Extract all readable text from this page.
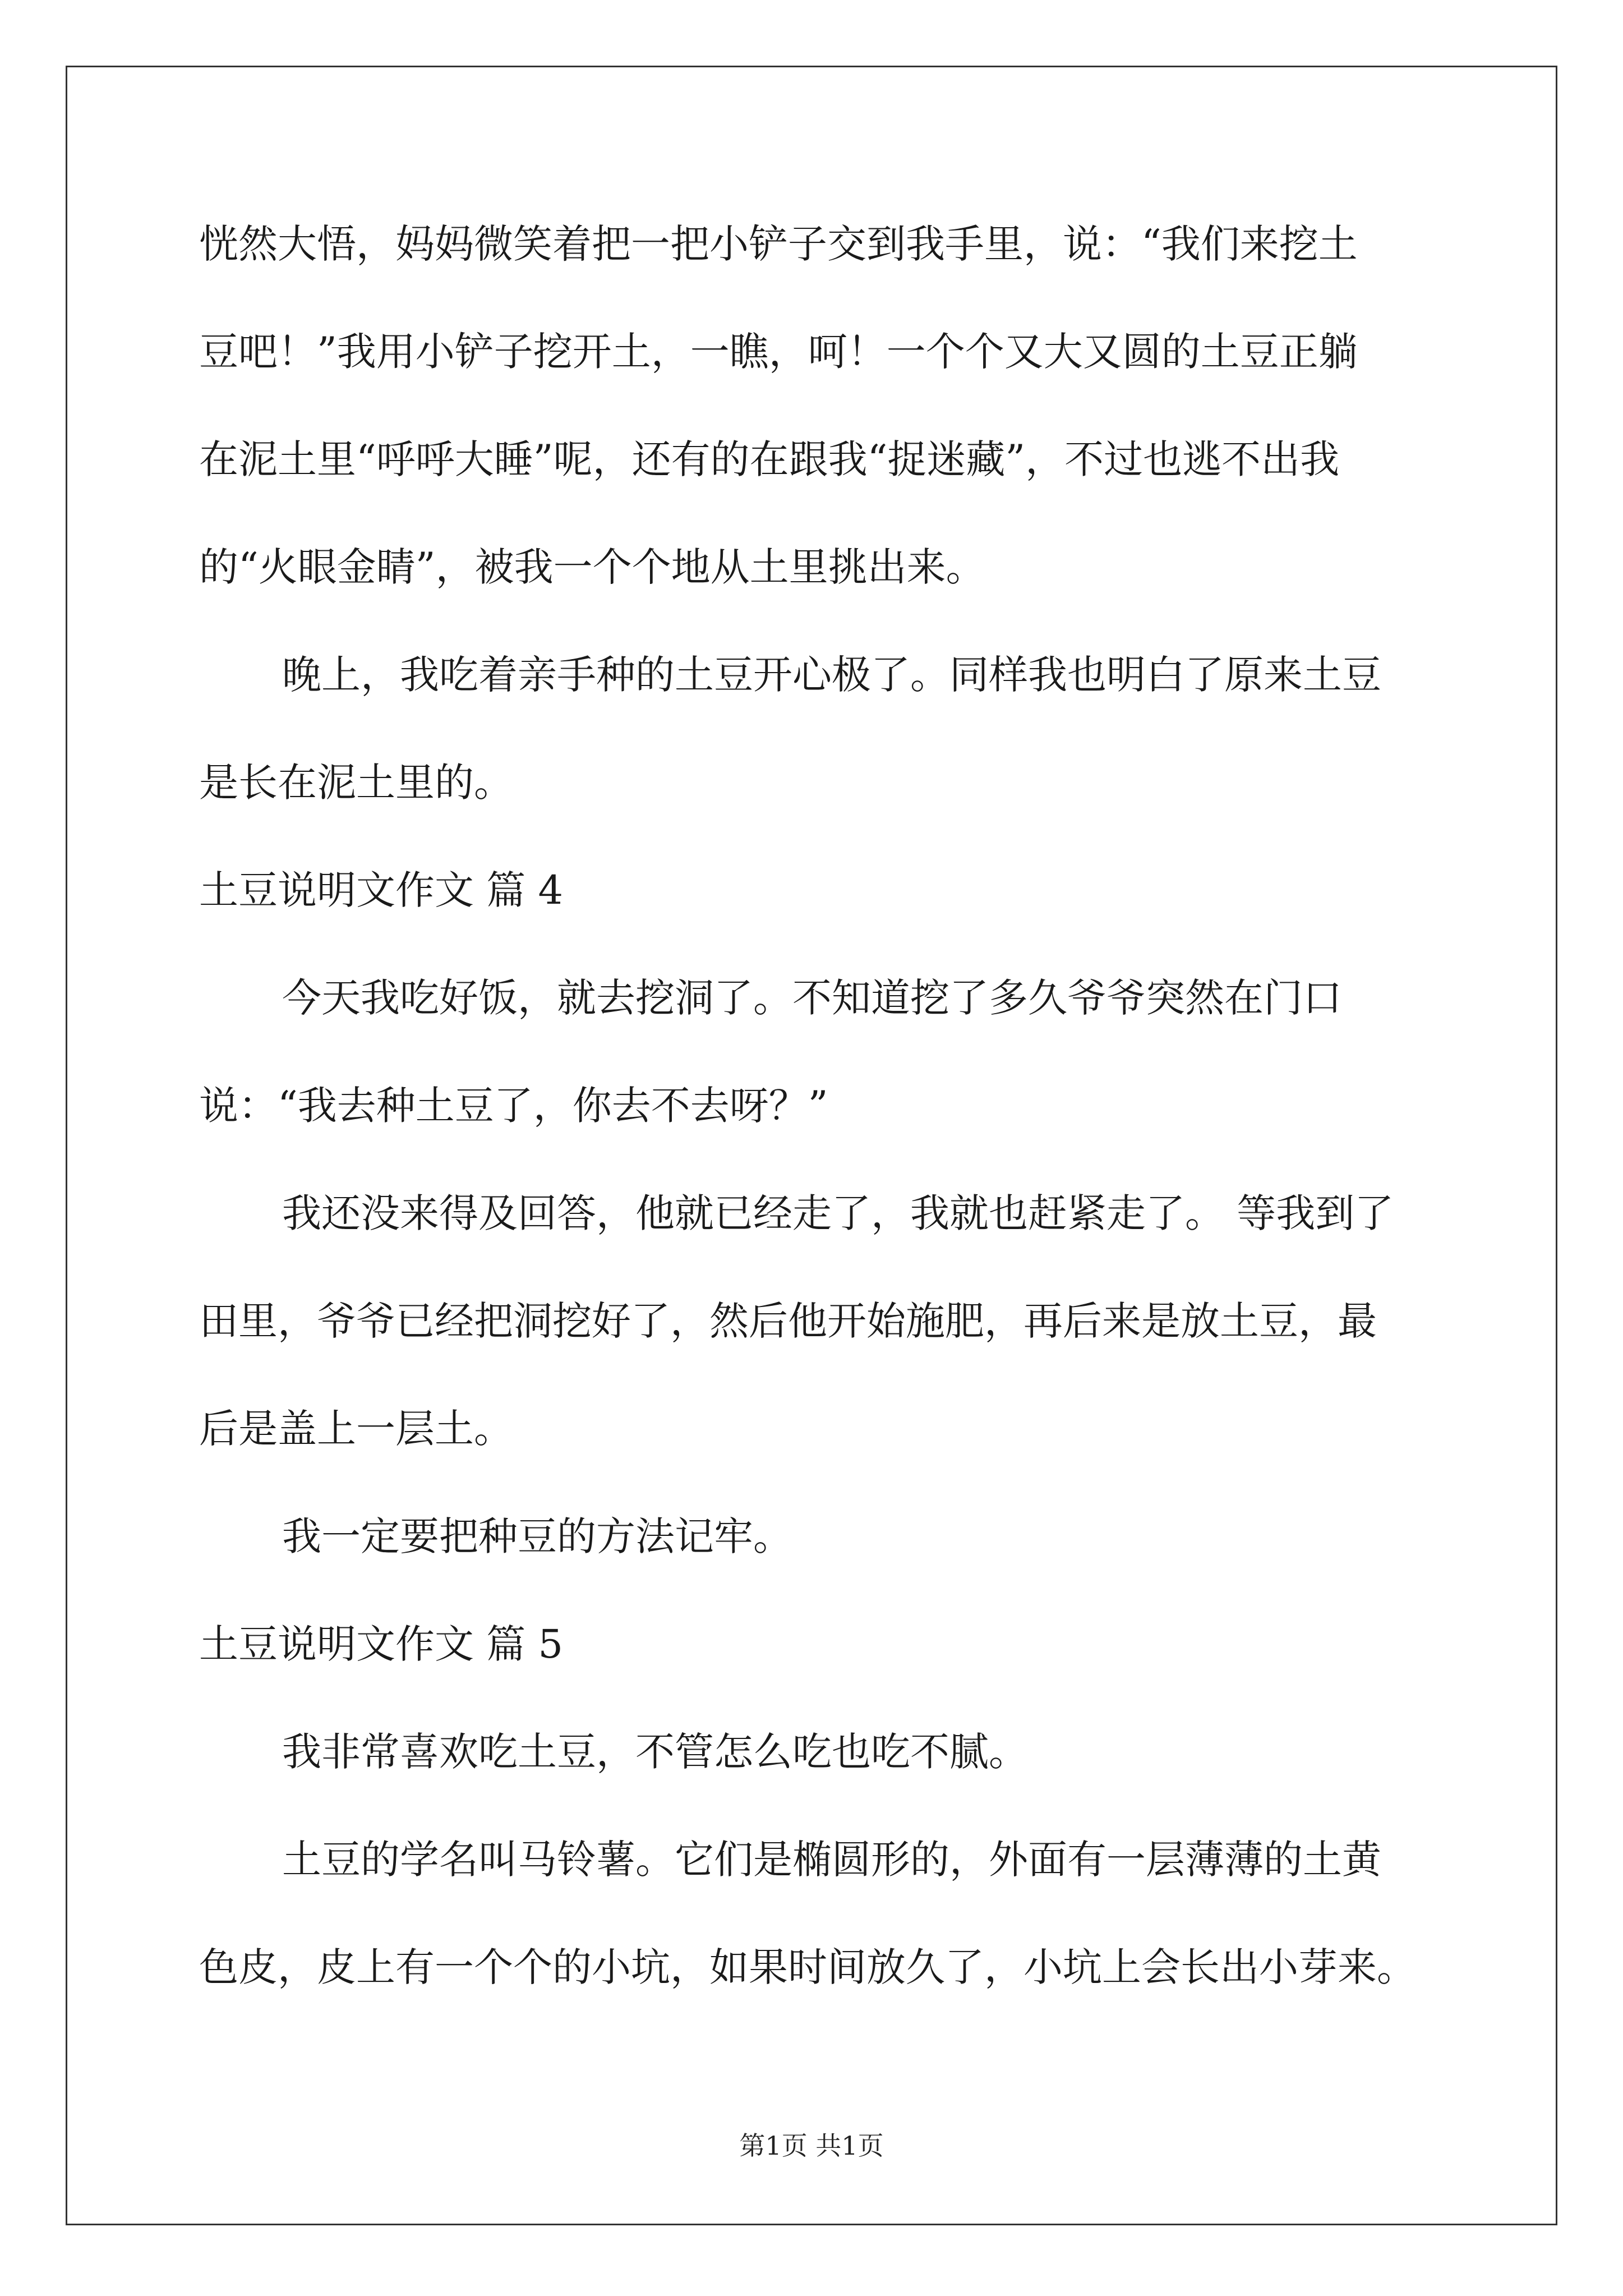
恍然大悟，妈妈微笑着把一把小铲子交到我手里，说：“我们来挖土
豆吧！”我用小铲子挖开土，一瞧，呵！一个个又大又圆的土豆正躺
在泥土里“呼呼大睡”呢，还有的在跟我“捉迷藏”，不过也逃不出我
的“火眼金睛”，被我一个个地从土里挑出来。
晚上，我吃着亲手种的土豆开心极了。同样我也明白了原来土豆
是长在泥土里的。
土豆说明文作文 篇 4
今天我吃好饭，就去挖洞了。不知道挖了多久爷爷突然在门口
说：“我去种土豆了，你去不去呀？”
我还没来得及回答，他就已经走了，我就也赶紧走了。 等我到了
田里，爷爷已经把洞挖好了，然后他开始施肥，再后来是放土豆，最
后是盖上一层土。
我一定要把种豆的方法记牢。
土豆说明文作文 篇 5
我非常喜欢吃土豆，不管怎么吃也吃不腻。
土豆的学名叫马铃薯。它们是椭圆形的，外面有一层薄薄的土黄
色皮，皮上有一个个的小坑，如果时间放久了，小坑上会长出小芽来。
第1页 共1页
